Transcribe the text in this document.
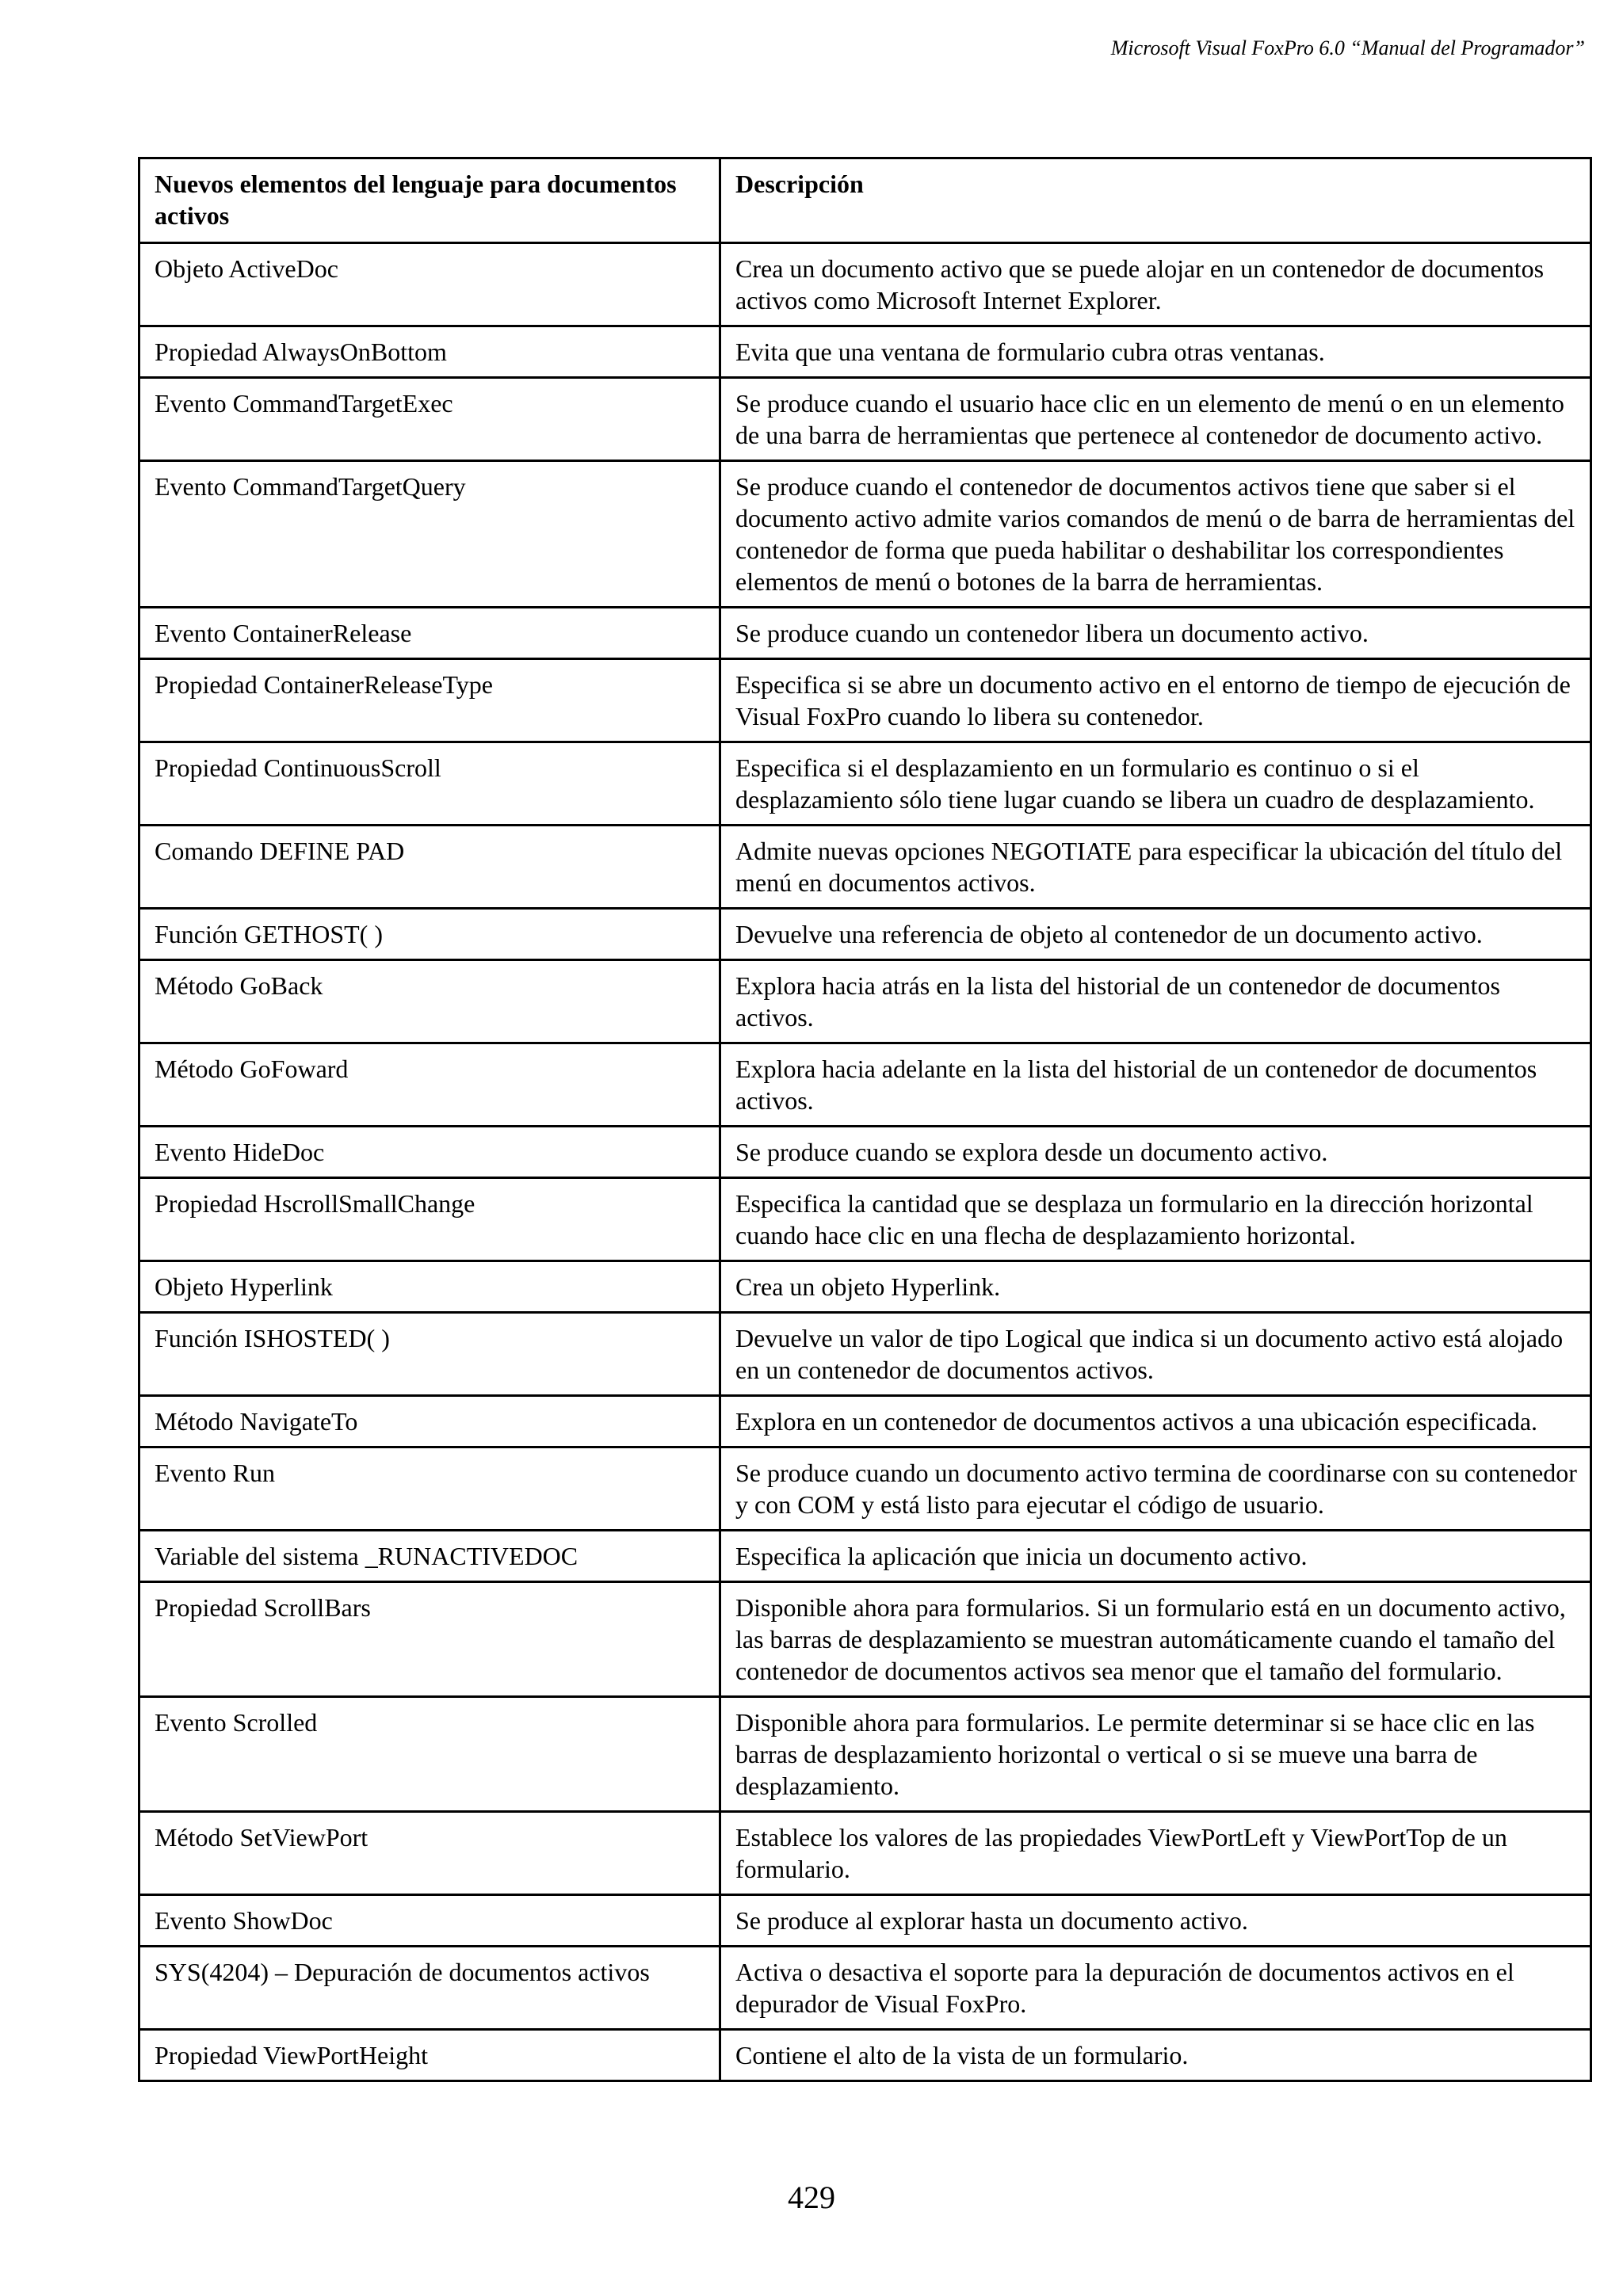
Microsoft Visual FoxPro 6.0 “Manual del Programador”
Nuevos elementos del lenguaje para documentos activos	Descripción
Objeto ActiveDoc	Crea un documento activo que se puede alojar en un contenedor de documentos activos como Microsoft Internet Explorer.
Propiedad AlwaysOnBottom	Evita que una ventana de formulario cubra otras ventanas.
Evento CommandTargetExec	Se produce cuando el usuario hace clic en un elemento de menú o en un elemento de una barra de herramientas que pertenece al contenedor de documento activo.
Evento CommandTargetQuery	Se produce cuando el contenedor de documentos activos tiene que saber si el documento activo admite varios comandos de menú o de barra de herramientas del contenedor de forma que pueda habilitar o deshabilitar los correspondientes elementos de menú o botones de la barra de herramientas.
Evento ContainerRelease	Se produce cuando un contenedor libera un documento activo.
Propiedad ContainerReleaseType	Especifica si se abre un documento activo en el entorno de tiempo de ejecución de Visual FoxPro cuando lo libera su contenedor.
Propiedad ContinuousScroll	Especifica si el desplazamiento en un formulario es continuo o si el desplazamiento sólo tiene lugar cuando se libera un cuadro de desplazamiento.
Comando DEFINE PAD	Admite nuevas opciones NEGOTIATE para especificar la ubicación del título del menú en documentos activos.
Función GETHOST( )	Devuelve una referencia de objeto al contenedor de un documento activo.
Método GoBack	Explora hacia atrás en la lista del historial de un contenedor de documentos activos.
Método GoFoward	Explora hacia adelante en la lista del historial de un contenedor de documentos activos.
Evento HideDoc	Se produce cuando se explora desde un documento activo.
Propiedad HscrollSmallChange	Especifica la cantidad que se desplaza un formulario en la dirección horizontal cuando hace clic en una flecha de desplazamiento horizontal.
Objeto Hyperlink	Crea un objeto Hyperlink.
Función ISHOSTED( )	Devuelve un valor de tipo Logical que indica si un documento activo está alojado en un contenedor de documentos activos.
Método NavigateTo	Explora en un contenedor de documentos activos a una ubicación especificada.
Evento Run	Se produce cuando un documento activo termina de coordinarse con su contenedor y con COM y está listo para ejecutar el código de usuario.
Variable del sistema _RUNACTIVEDOC	Especifica la aplicación que inicia un documento activo.
Propiedad ScrollBars	Disponible ahora para formularios. Si un formulario está en un documento activo, las barras de desplazamiento se muestran automáticamente cuando el tamaño del contenedor de documentos activos sea menor que el tamaño del formulario.
Evento Scrolled	Disponible ahora para formularios. Le permite determinar si se hace clic en las barras de desplazamiento horizontal o vertical o si se mueve una barra de desplazamiento.
Método SetViewPort	Establece los valores de las propiedades ViewPortLeft y ViewPortTop de un formulario.
Evento ShowDoc	Se produce al explorar hasta un documento activo.
SYS(4204) – Depuración de documentos activos	Activa o desactiva el soporte para la depuración de documentos activos en el depurador de Visual FoxPro.
Propiedad ViewPortHeight	Contiene el alto de la vista de un formulario.
429
